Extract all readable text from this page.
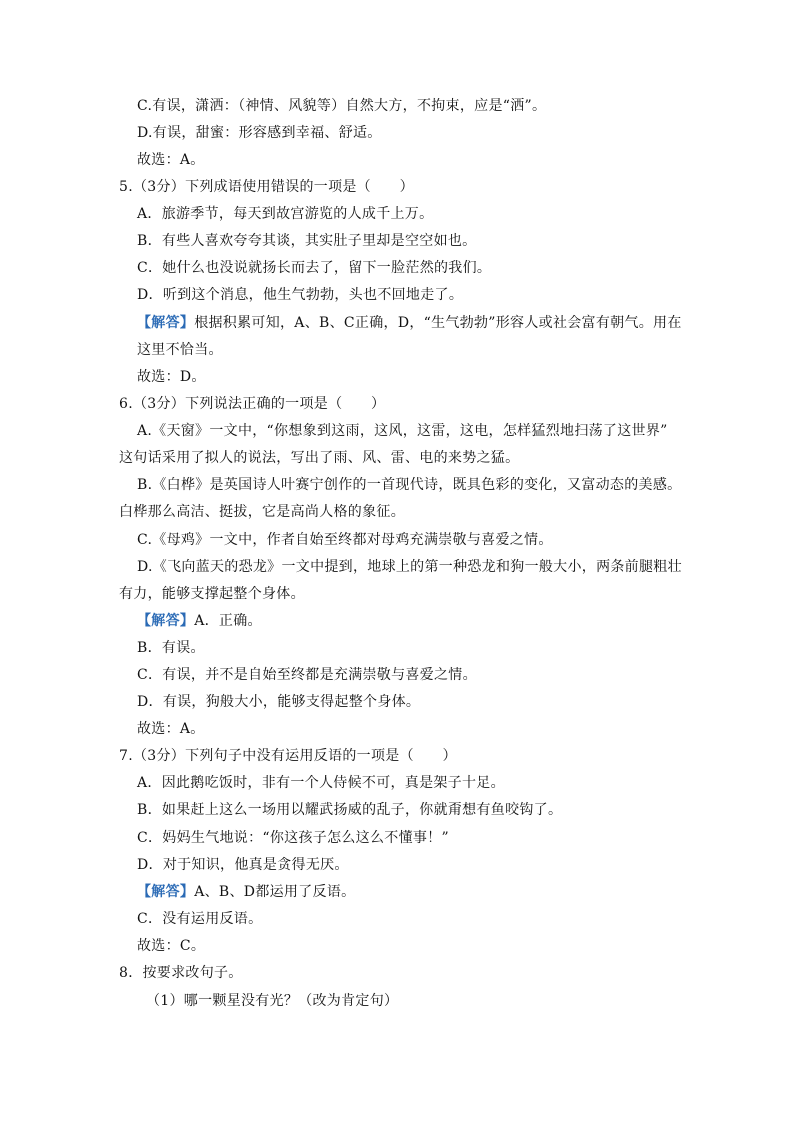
C.有误，潇洒：（神情、风貌等）自然大方，不拘束，应是“洒”。
D.有误，甜蜜：形容感到幸福、舒适。
故选：A。
5.（3分）下列成语使用错误的一项是（　　）
A．旅游季节，每天到故宫游览的人成千上万。
B．有些人喜欢夸夸其谈，其实肚子里却是空空如也。
C．她什么也没说就扬长而去了，留下一脸茫然的我们。
D．听到这个消息，他生气勃勃，头也不回地走了。
【解答】根据积累可知，A、B、C正确，D，“生气勃勃”形容人或社会富有朝气。用在
这里不恰当。
故选：D。
6.（3分）下列说法正确的一项是（　　）
A.《天窗》一文中，“你想象到这雨，这风，这雷，这电，怎样猛烈地扫荡了这世界”
这句话采用了拟人的说法，写出了雨、风、雷、电的来势之猛。
B.《白桦》是英国诗人叶赛宁创作的一首现代诗，既具色彩的变化，又富动态的美感。
白桦那么高洁、挺拔，它是高尚人格的象征。
C.《母鸡》一文中，作者自始至终都对母鸡充满崇敬与喜爱之情。
D.《飞向蓝天的恐龙》一文中提到，地球上的第一种恐龙和狗一般大小，两条前腿粗壮
有力，能够支撑起整个身体。
【解答】A．正确。
B．有误。
C．有误，并不是自始至终都是充满崇敬与喜爱之情。
D．有误，狗般大小，能够支得起整个身体。
故选：A。
7.（3分）下列句子中没有运用反语的一项是（　　）
A．因此鹅吃饭时，非有一个人侍候不可，真是架子十足。
B．如果赶上这么一场用以耀武扬威的乱子，你就甭想有鱼咬钩了。
C．妈妈生气地说：“你这孩子怎么这么不懂事！”
D．对于知识，他真是贪得无厌。
【解答】A、B、D都运用了反语。
C．没有运用反语。
故选：C。
8．按要求改句子。
（1）哪一颗星没有光？（改为肯定句）
